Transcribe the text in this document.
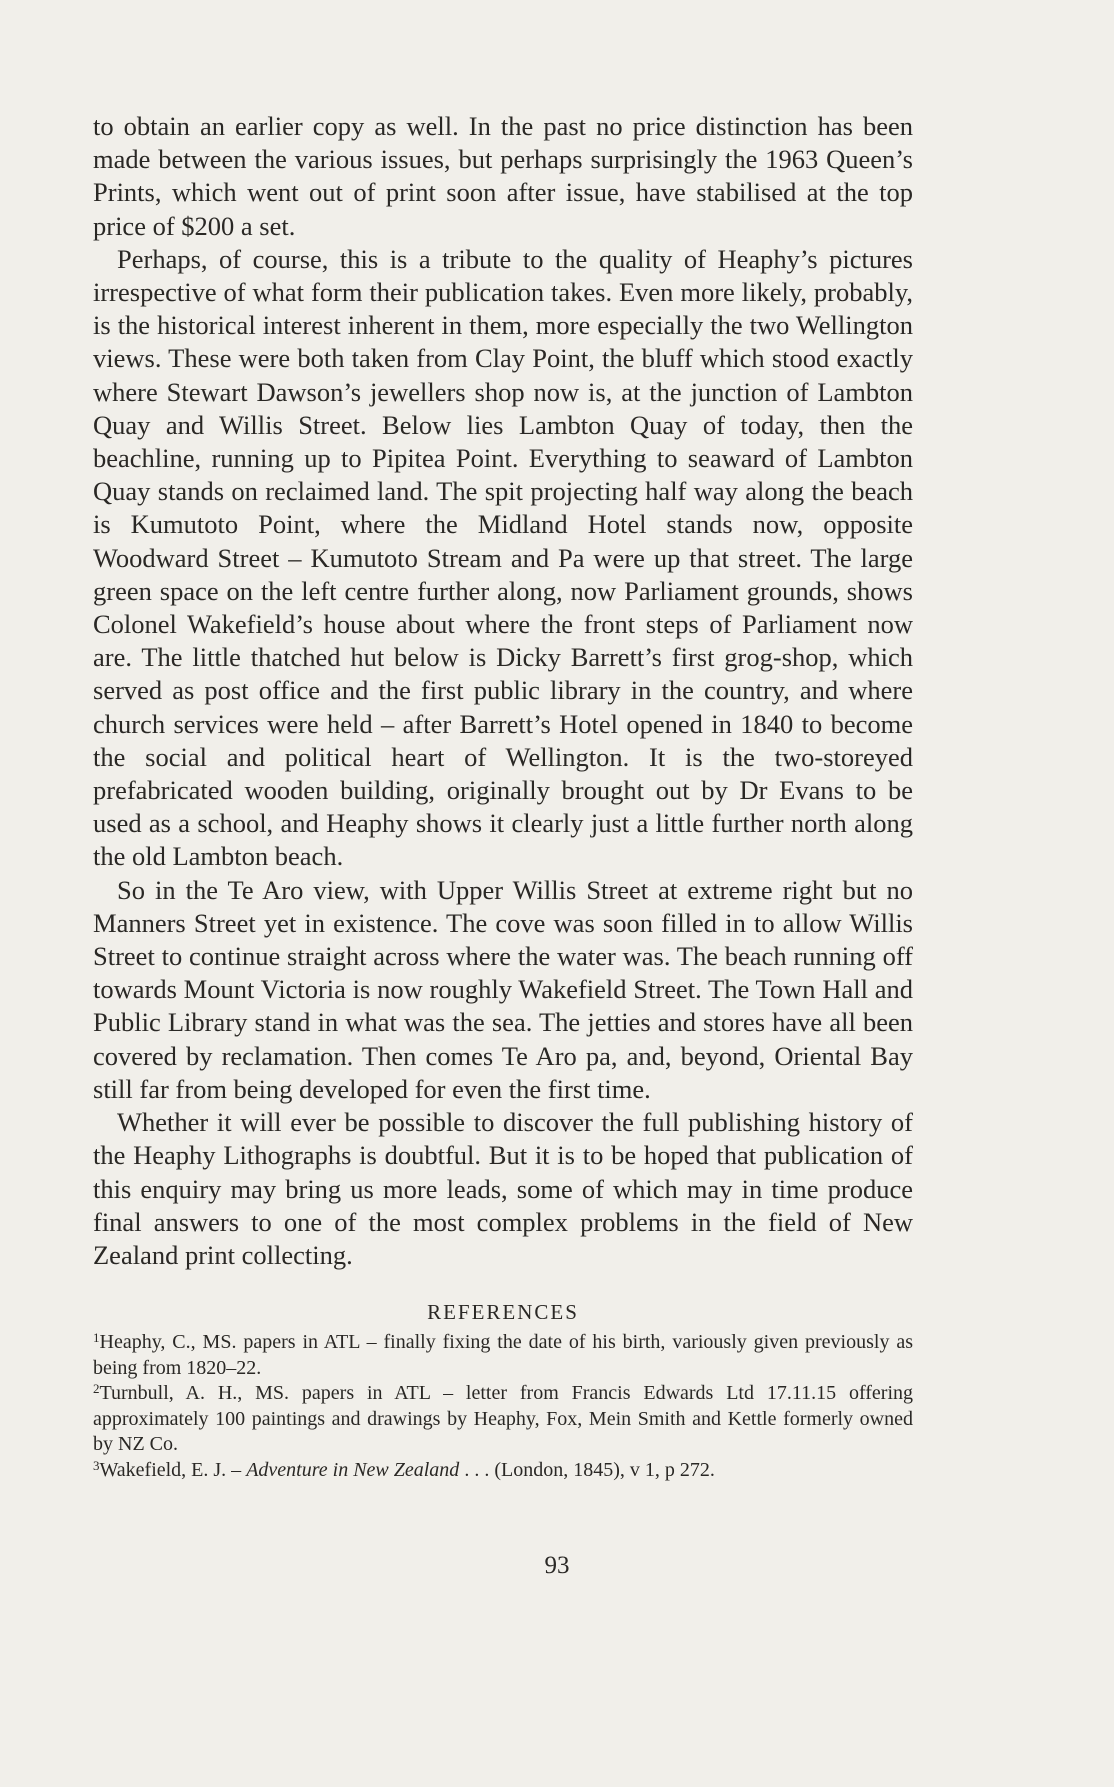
to obtain an earlier copy as well. In the past no price distinction has been made between the various issues, but perhaps surprisingly the 1963 Queen’s Prints, which went out of print soon after issue, have stabilised at the top price of $200 a set.

Perhaps, of course, this is a tribute to the quality of Heaphy’s pictures irrespective of what form their publication takes. Even more likely, probably, is the historical interest inherent in them, more especially the two Wellington views. These were both taken from Clay Point, the bluff which stood exactly where Stewart Dawson’s jewellers shop now is, at the junction of Lambton Quay and Willis Street. Below lies Lambton Quay of today, then the beachline, running up to Pipitea Point. Everything to seaward of Lambton Quay stands on reclaimed land. The spit projecting half way along the beach is Kumutoto Point, where the Midland Hotel stands now, opposite Woodward Street – Kumutoto Stream and Pa were up that street. The large green space on the left centre further along, now Parliament grounds, shows Colonel Wakefield’s house about where the front steps of Parliament now are. The little thatched hut below is Dicky Barrett’s first grog-shop, which served as post office and the first public library in the country, and where church services were held – after Barrett’s Hotel opened in 1840 to become the social and political heart of Wellington. It is the two-storeyed prefabricated wooden building, originally brought out by Dr Evans to be used as a school, and Heaphy shows it clearly just a little further north along the old Lambton beach.

So in the Te Aro view, with Upper Willis Street at extreme right but no Manners Street yet in existence. The cove was soon filled in to allow Willis Street to continue straight across where the water was. The beach running off towards Mount Victoria is now roughly Wakefield Street. The Town Hall and Public Library stand in what was the sea. The jetties and stores have all been covered by reclamation. Then comes Te Aro pa, and, beyond, Oriental Bay still far from being developed for even the first time.

Whether it will ever be possible to discover the full publishing history of the Heaphy Lithographs is doubtful. But it is to be hoped that publication of this enquiry may bring us more leads, some of which may in time produce final answers to one of the most complex problems in the field of New Zealand print collecting.

REFERENCES

$^1$Heaphy, C., MS. papers in ATL – finally fixing the date of his birth, variously given previously as being from 1820–22.

$^2$Turnbull, A. H., MS. papers in ATL – letter from Francis Edwards Ltd 17.11.15 offering approximately 100 paintings and drawings by Heaphy, Fox, Mein Smith and Kettle formerly owned by NZ Co.

$^3$Wakefield, E. J. – Adventure in New Zealand . . . (London, 1845), v 1, p 272.

93
